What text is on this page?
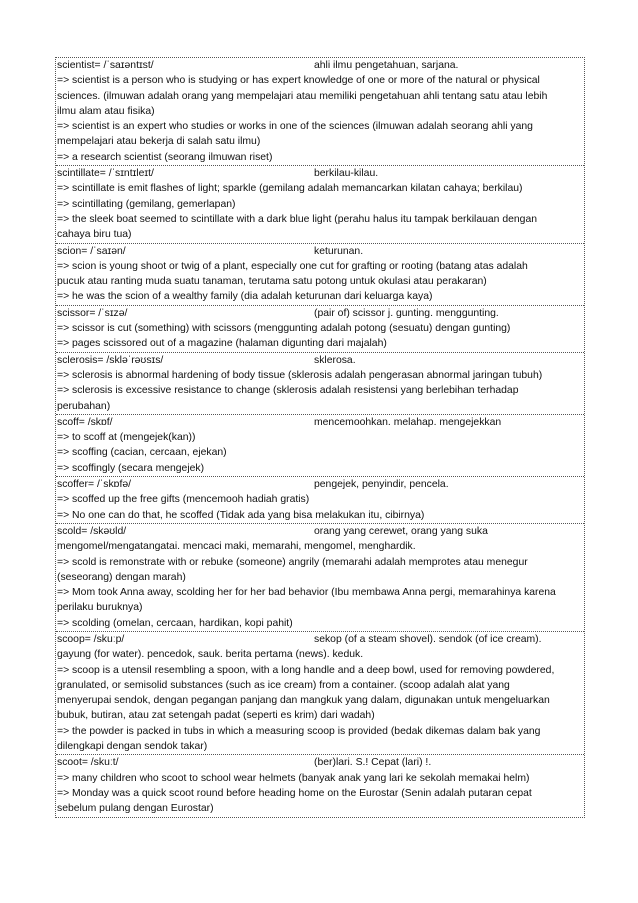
scientist= /ˈsaɪəntɪst/	ahli ilmu pengetahuan, sarjana.
=> scientist is a person who is studying or has expert knowledge of one or more of the natural or physical
sciences. (ilmuwan adalah orang yang mempelajari atau memiliki pengetahuan ahli tentang satu atau lebih
ilmu alam atau fisika)
=> scientist is an expert who studies or works in one of the sciences (ilmuwan adalah seorang ahli yang
mempelajari atau bekerja di salah satu ilmu)
=> a research scientist (seorang ilmuwan riset)
scintillate= /ˈsɪntɪleɪt/	berkilau-kilau.
=> scintillate is emit flashes of light; sparkle (gemilang adalah memancarkan kilatan cahaya; berkilau)
=> scintillating (gemilang, gemerlapan)
=> the sleek boat seemed to scintillate with a dark blue light (perahu halus itu tampak berkilauan dengan
cahaya biru tua)
scion= /ˈsaɪən/	keturunan.
=> scion is young shoot or twig of a plant, especially one cut for grafting or rooting (batang atas adalah
pucuk atau ranting muda suatu tanaman, terutama satu potong untuk okulasi atau perakaran)
=> he was the scion of a wealthy family (dia adalah keturunan dari keluarga kaya)
scissor= /ˈsɪzə/	(pair of) scissor j. gunting. menggunting.
=> scissor is cut (something) with scissors (menggunting adalah potong (sesuatu) dengan gunting)
=> pages scissored out of a magazine (halaman digunting dari majalah)
sclerosis= /skləˈrəʊsɪs/	sklerosa.
=> sclerosis is abnormal hardening of body tissue (sklerosis adalah pengerasan abnormal jaringan tubuh)
=> sclerosis is excessive resistance to change (sklerosis adalah resistensi yang berlebihan terhadap
perubahan)
scoff= /skɒf/	mencemoohkan. melahap. mengejekkan
=> to scoff at (mengejek(kan))
=> scoffing (cacian, cercaan, ejekan)
=> scoffingly (secara mengejek)
scoffer= /ˈskɒfə/	pengejek, penyindir, pencela.
=> scoffed up the free gifts (mencemooh hadiah gratis)
=> No one can do that, he scoffed (Tidak ada yang bisa melakukan itu, cibirnya)
scold= /skəʊld/	orang yang cerewet, orang yang suka
mengomel/mengatangatai. mencaci maki, memarahi, mengomel, menghardik.
=> scold is remonstrate with or rebuke (someone) angrily (memarahi adalah memprotes atau menegur
(seseorang) dengan marah)
=> Mom took Anna away, scolding her for her bad behavior (Ibu membawa Anna pergi, memarahinya karena
perilaku buruknya)
=> scolding (omelan, cercaan, hardikan, kopi pahit)
scoop= /skuːp/	sekop (of a steam shovel). sendok (of ice cream).
gayung (for water). pencedok, sauk. berita pertama (news). keduk.
=> scoop is a utensil resembling a spoon, with a long handle and a deep bowl, used for removing powdered,
granulated, or semisolid substances (such as ice cream) from a container. (scoop adalah alat yang
menyerupai sendok, dengan pegangan panjang dan mangkuk yang dalam, digunakan untuk mengeluarkan
bubuk, butiran, atau zat setengah padat (seperti es krim) dari wadah)
=> the powder is packed in tubs in which a measuring scoop is provided (bedak dikemas dalam bak yang
dilengkapi dengan sendok takar)
scoot= /skuːt/	(ber)lari. S.! Cepat (lari) !.
=> many children who scoot to school wear helmets (banyak anak yang lari ke sekolah memakai helm)
=> Monday was a quick scoot round before heading home on the Eurostar (Senin adalah putaran cepat
sebelum pulang dengan Eurostar)
